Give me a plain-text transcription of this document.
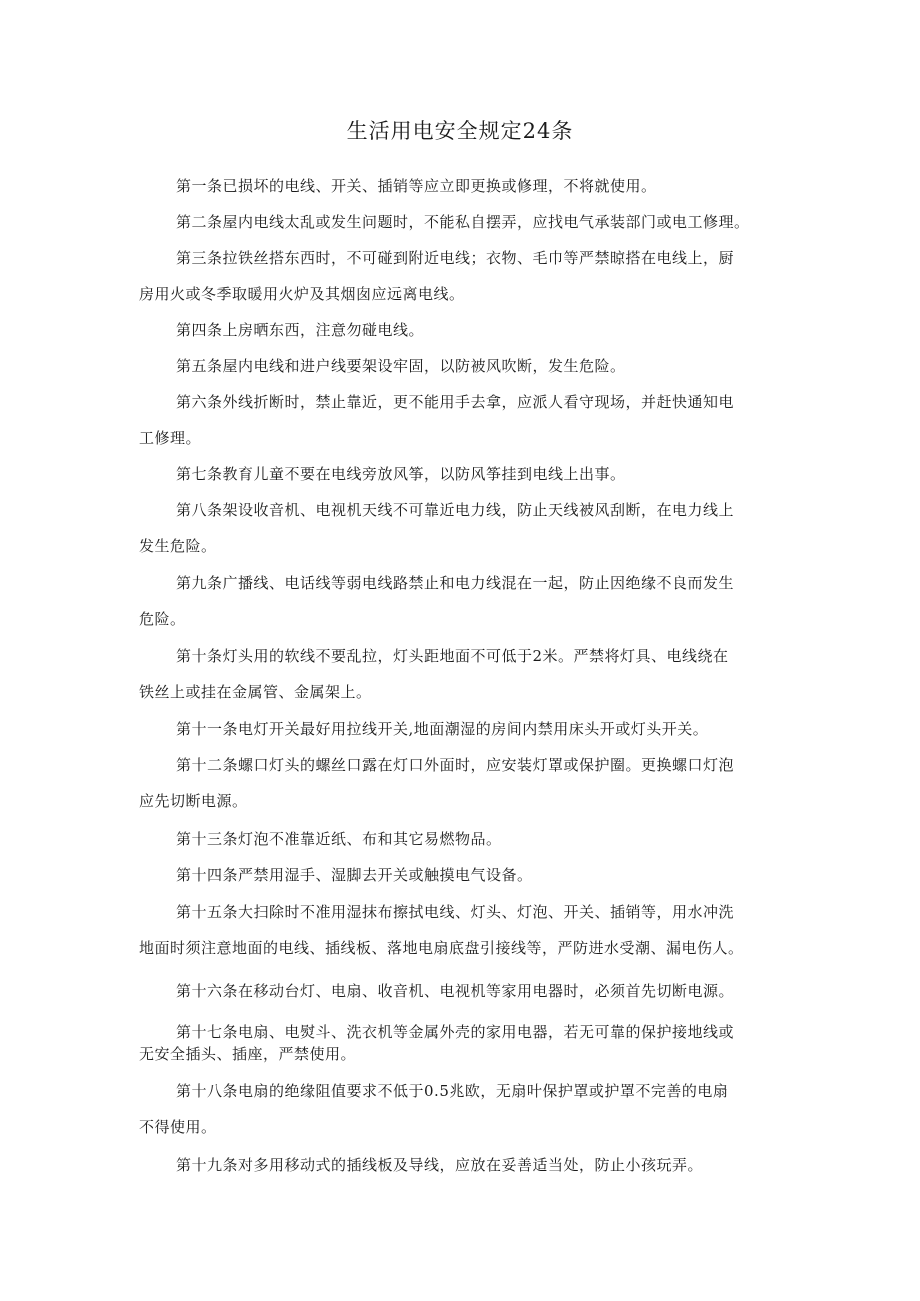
生活用电安全规定24条
第一条已损坏的电线、开关、插销等应立即更换或修理，不将就使用。
第二条屋内电线太乱或发生问题时，不能私自摆弄，应找电气承装部门或电工修理。
第三条拉铁丝搭东西时，不可碰到附近电线；衣物、毛巾等严禁晾搭在电线上，厨
房用火或冬季取暖用火炉及其烟囱应远离电线。
第四条上房晒东西，注意勿碰电线。
第五条屋内电线和进户线要架设牢固，以防被风吹断，发生危险。
第六条外线折断时，禁止靠近，更不能用手去拿，应派人看守现场，并赶快通知电
工修理。
第七条教育儿童不要在电线旁放风筝，以防风筝挂到电线上出事。
第八条架设收音机、电视机天线不可靠近电力线，防止天线被风刮断，在电力线上
发生危险。
第九条广播线、电话线等弱电线路禁止和电力线混在一起，防止因绝缘不良而发生
危险。
第十条灯头用的软线不要乱拉，灯头距地面不可低于2米。严禁将灯具、电线绕在
铁丝上或挂在金属管、金属架上。
第十一条电灯开关最好用拉线开关,地面潮湿的房间内禁用床头开或灯头开关。
第十二条螺口灯头的螺丝口露在灯口外面时，应安装灯罩或保护圈。更换螺口灯泡
应先切断电源。
第十三条灯泡不准靠近纸、布和其它易燃物品。
第十四条严禁用湿手、湿脚去开关或触摸电气设备。
第十五条大扫除时不准用湿抹布擦拭电线、灯头、灯泡、开关、插销等，用水冲洗
地面时须注意地面的电线、插线板、落地电扇底盘引接线等，严防进水受潮、漏电伤人。
第十六条在移动台灯、电扇、收音机、电视机等家用电器时，必须首先切断电源。
第十七条电扇、电熨斗、洗衣机等金属外壳的家用电器，若无可靠的保护接地线或
无安全插头、插座，严禁使用。
第十八条电扇的绝缘阻值要求不低于0.5兆欧，无扇叶保护罩或护罩不完善的电扇
不得使用。
第十九条对多用移动式的插线板及导线，应放在妥善适当处，防止小孩玩弄。
